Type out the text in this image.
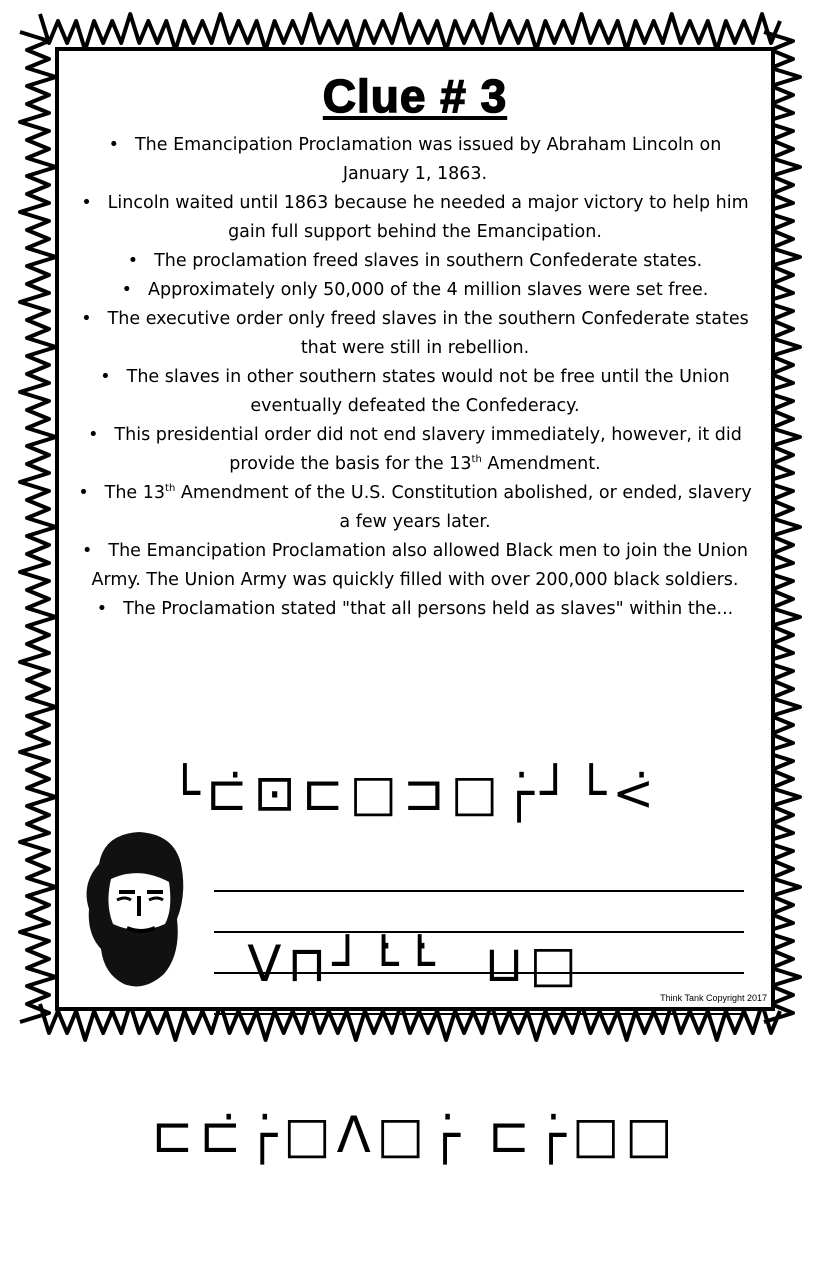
Clue # 3
• The Emancipation Proclamation was issued by Abraham Lincoln on January 1, 1863.
• Lincoln waited until 1863 because he needed a major victory to help him gain full support behind the Emancipation.
• The proclamation freed slaves in southern Confederate states.
• Approximately only 50,000 of the 4 million slaves were set free.
• The executive order only freed slaves in the southern Confederate states that were still in rebellion.
• The slaves in other southern states would not be free until the Union eventually defeated the Confederacy.
• This presidential order did not end slavery immediately, however, it did provide the basis for the 13th Amendment.
• The 13th Amendment of the U.S. Constitution abolished, or ended, slavery a few years later.
• The Emancipation Proclamation also allowed Black men to join the Union Army. The Union Army was quickly filled with over 200,000 black soldiers.
• The Proclamation stated "that all persons held as slaves" within the...

└⊏̇⊡⊏□⊐□┌̇┘└<̇

V⊓┘└̇└̇  ⊔□

⊏⊏̇┌̇□Λ□┌̇ ⊏┌̇□□

Think Tank Copyright 2017
